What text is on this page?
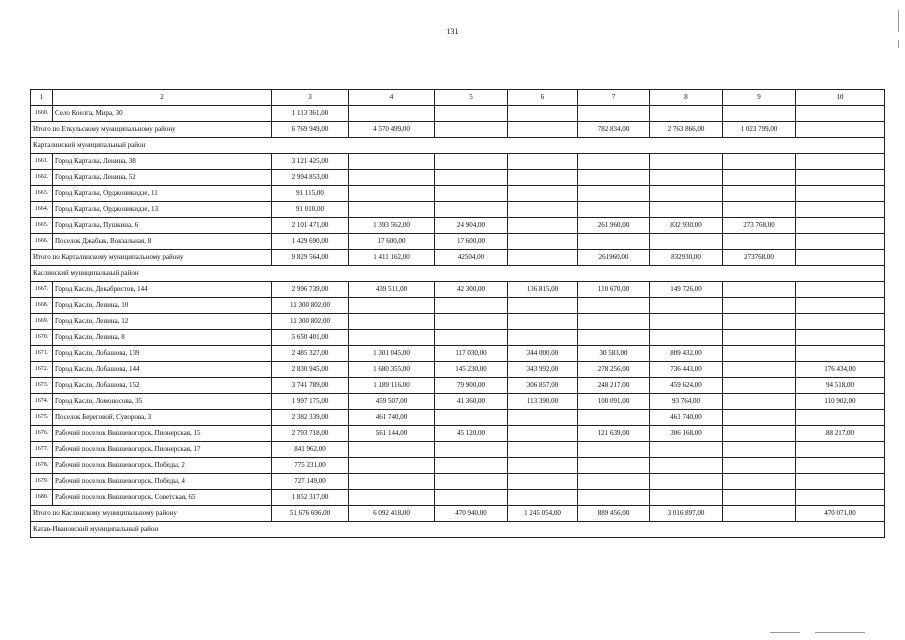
131
1	2	3	4	5	6	7	8	9	10
1660.	Село Коелга, Мира, 30	1 113 361,00							
Итого по Еткульскому муниципальному району		6 769 949,00	4 570 499,00			782 834,00	2 763 866,00	1 023 799,00	
Карталинский муниципальный район									
1661.	Город Карталы, Ленина, 38	3 121 425,00							
1662.	Город Карталы, Ленина, 52	2 994 853,00							
1663.	Город Карталы, Орджоникидзе, 11	91 115,00							
1664.	Город Карталы, Орджоникидзе, 13	91 010,00							
1665.	Город Карталы, Пушкина, 6	2 101 471,00	1 393 562,00	24 904,00		261 960,00	832 930,00	273 768,00	
1666.	Поселок Джабык, Вокзальная, 8	1 429 690,00	17 600,00	17 600,00					
Итого по Карталинскому муниципальному району		9 829 564,00	1 411 162,00	42504,00		261960,00	832930,00	273768,00	
Каслинский муниципальный район									
1667.	Город Касли, Декабристов, 144	2 996 739,00	439 511,00	42 300,00	136 815,00	110 670,00	149 726,00		
1668.	Город Касли, Ленина, 10	11 300 802,00							
1669.	Город Касли, Ленина, 12	11 300 802,00							
1670.	Город Касли, Ленина, 8	5 650 401,00							
1671.	Город Касли, Лобашова, 139	2 485 327,00	1 301 045,00	117 030,00	344 000,00	30 583,00	809 432,00		
1672.	Город Касли, Лобашова, 144	2 830 945,00	1 680 355,00	145 230,00	343 992,00	278 256,00	736 443,00		176 434,00
1673.	Город Касли, Лобашова, 152	3 741 789,00	1 189 116,00	79 900,00	306 857,00	248 217,00	459 624,00		94 518,00
1674.	Город Касли, Ломоносова, 35	1 997 175,00	459 507,00	41 360,00	113 390,00	100 091,00	93 764,00		110 902,00
1675.	Поселок Береговой, Суворова, 3	2 382 339,00	461 740,00				461 740,00		
1676.	Рабочий поселок Вишневогорск, Пионерская, 15	2 793 718,00	561 144,00	45 120,00		121 639,00	306 168,00		88 217,00
1677.	Рабочий поселок Вишневогорск, Пионерская, 17	841 962,00							
1678.	Рабочий поселок Вишневогорск, Победы, 2	775 231,00							
1679.	Рабочий поселок Вишневогорск, Победы, 4	727 149,00							
1680.	Рабочий поселок Вишневогорск, Советская, 65	1 852 317,00							
Итого по Каслинскому муниципальному району		51 676 696,00	6 092 418,00	470 940,00	1 245 054,00	889 456,00	3 016 897,00		470 071,00
Катав-Ивановский муниципальный район									
